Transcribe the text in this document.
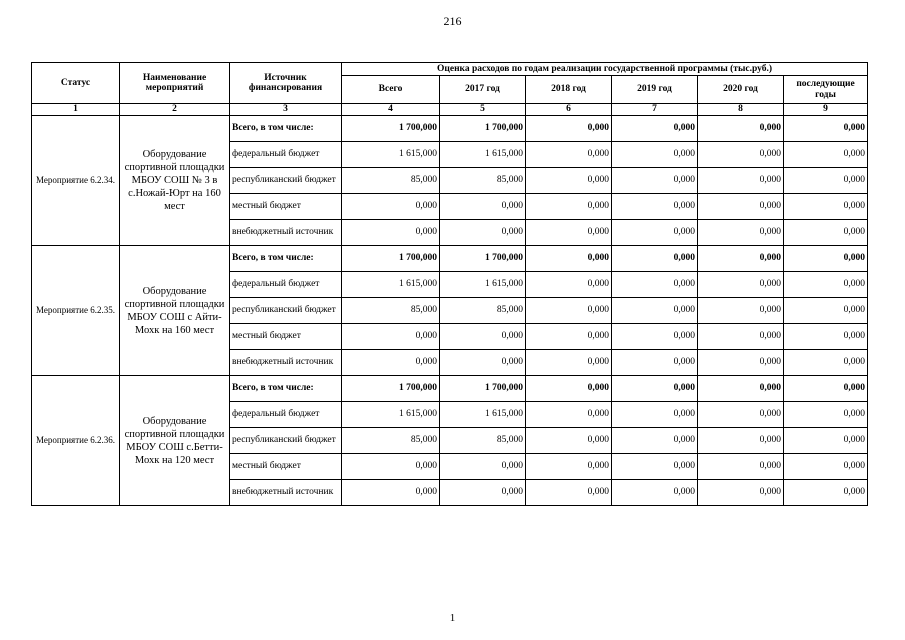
216
Статус	Наименование мероприятий	Источник финансирования	Оценка расходов по годам реализации государственной программы (тыс.руб.)					
			Всего	2017 год	2018 год	2019 год	2020 год	последующие годы
1	2	3	4	5	6	7	8	9
Мероприятие 6.2.34.	Оборудование спортивной площадки МБОУ СОШ № 3 в с.Ножай-Юрт на 160 мест	Всего, в том числе:	1 700,000	1 700,000	0,000	0,000	0,000	0,000
		федеральный бюджет	1 615,000	1 615,000	0,000	0,000	0,000	0,000
		республиканский бюджет	85,000	85,000	0,000	0,000	0,000	0,000
		местный бюджет	0,000	0,000	0,000	0,000	0,000	0,000
		внебюджетный источник	0,000	0,000	0,000	0,000	0,000	0,000
Мероприятие 6.2.35.	Оборудование спортивной площадки МБОУ СОШ с Айти-Мохк на 160 мест	Всего, в том числе:	1 700,000	1 700,000	0,000	0,000	0,000	0,000
		федеральный бюджет	1 615,000	1 615,000	0,000	0,000	0,000	0,000
		республиканский бюджет	85,000	85,000	0,000	0,000	0,000	0,000
		местный бюджет	0,000	0,000	0,000	0,000	0,000	0,000
		внебюджетный источник	0,000	0,000	0,000	0,000	0,000	0,000
Мероприятие 6.2.36.	Оборудование спортивной площадки МБОУ СОШ с.Бетти-Мохк на 120 мест	Всего, в том числе:	1 700,000	1 700,000	0,000	0,000	0,000	0,000
		федеральный бюджет	1 615,000	1 615,000	0,000	0,000	0,000	0,000
		республиканский бюджет	85,000	85,000	0,000	0,000	0,000	0,000
		местный бюджет	0,000	0,000	0,000	0,000	0,000	0,000
		внебюджетный источник	0,000	0,000	0,000	0,000	0,000	0,000
1
